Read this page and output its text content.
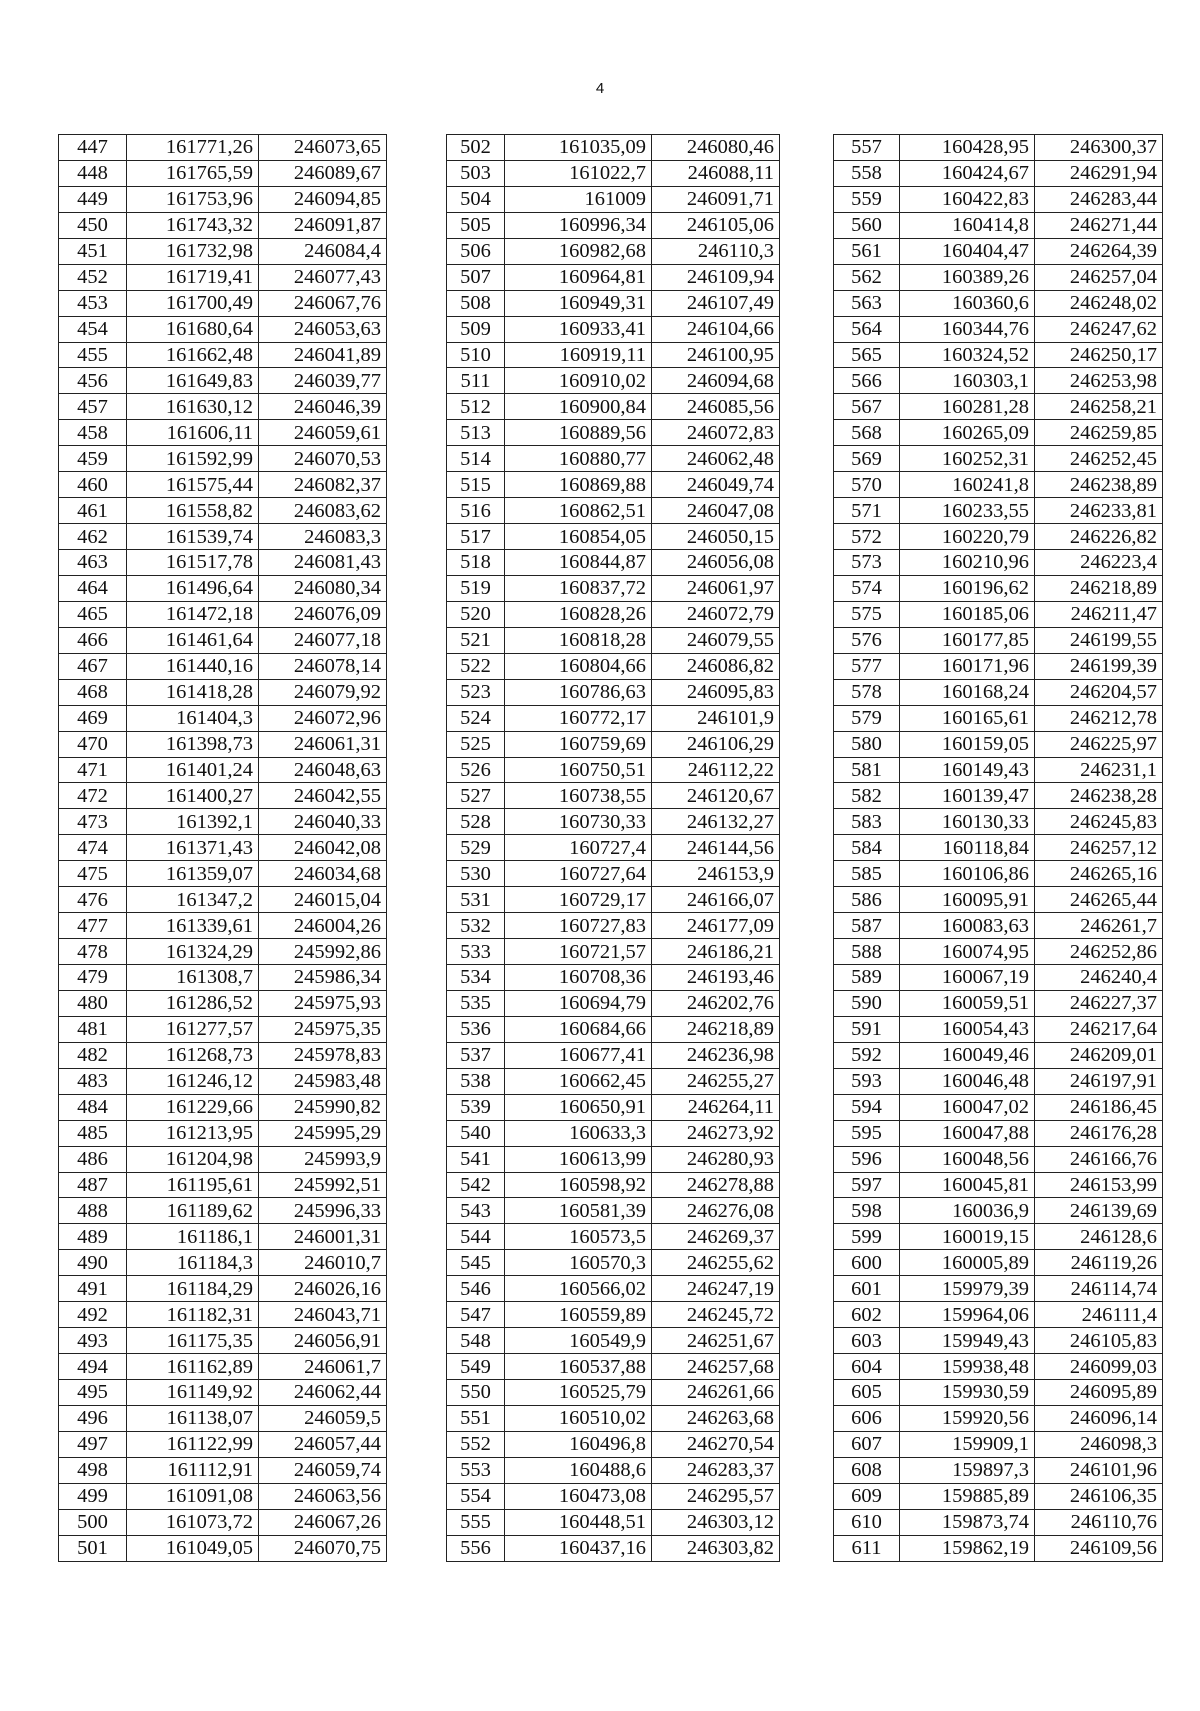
4
447	161771,26	246073,65
448	161765,59	246089,67
449	161753,96	246094,85
450	161743,32	246091,87
451	161732,98	246084,4
452	161719,41	246077,43
453	161700,49	246067,76
454	161680,64	246053,63
455	161662,48	246041,89
456	161649,83	246039,77
457	161630,12	246046,39
458	161606,11	246059,61
459	161592,99	246070,53
460	161575,44	246082,37
461	161558,82	246083,62
462	161539,74	246083,3
463	161517,78	246081,43
464	161496,64	246080,34
465	161472,18	246076,09
466	161461,64	246077,18
467	161440,16	246078,14
468	161418,28	246079,92
469	161404,3	246072,96
470	161398,73	246061,31
471	161401,24	246048,63
472	161400,27	246042,55
473	161392,1	246040,33
474	161371,43	246042,08
475	161359,07	246034,68
476	161347,2	246015,04
477	161339,61	246004,26
478	161324,29	245992,86
479	161308,7	245986,34
480	161286,52	245975,93
481	161277,57	245975,35
482	161268,73	245978,83
483	161246,12	245983,48
484	161229,66	245990,82
485	161213,95	245995,29
486	161204,98	245993,9
487	161195,61	245992,51
488	161189,62	245996,33
489	161186,1	246001,31
490	161184,3	246010,7
491	161184,29	246026,16
492	161182,31	246043,71
493	161175,35	246056,91
494	161162,89	246061,7
495	161149,92	246062,44
496	161138,07	246059,5
497	161122,99	246057,44
498	161112,91	246059,74
499	161091,08	246063,56
500	161073,72	246067,26
501	161049,05	246070,75
502	161035,09	246080,46
503	161022,7	246088,11
504	161009	246091,71
505	160996,34	246105,06
506	160982,68	246110,3
507	160964,81	246109,94
508	160949,31	246107,49
509	160933,41	246104,66
510	160919,11	246100,95
511	160910,02	246094,68
512	160900,84	246085,56
513	160889,56	246072,83
514	160880,77	246062,48
515	160869,88	246049,74
516	160862,51	246047,08
517	160854,05	246050,15
518	160844,87	246056,08
519	160837,72	246061,97
520	160828,26	246072,79
521	160818,28	246079,55
522	160804,66	246086,82
523	160786,63	246095,83
524	160772,17	246101,9
525	160759,69	246106,29
526	160750,51	246112,22
527	160738,55	246120,67
528	160730,33	246132,27
529	160727,4	246144,56
530	160727,64	246153,9
531	160729,17	246166,07
532	160727,83	246177,09
533	160721,57	246186,21
534	160708,36	246193,46
535	160694,79	246202,76
536	160684,66	246218,89
537	160677,41	246236,98
538	160662,45	246255,27
539	160650,91	246264,11
540	160633,3	246273,92
541	160613,99	246280,93
542	160598,92	246278,88
543	160581,39	246276,08
544	160573,5	246269,37
545	160570,3	246255,62
546	160566,02	246247,19
547	160559,89	246245,72
548	160549,9	246251,67
549	160537,88	246257,68
550	160525,79	246261,66
551	160510,02	246263,68
552	160496,8	246270,54
553	160488,6	246283,37
554	160473,08	246295,57
555	160448,51	246303,12
556	160437,16	246303,82
557	160428,95	246300,37
558	160424,67	246291,94
559	160422,83	246283,44
560	160414,8	246271,44
561	160404,47	246264,39
562	160389,26	246257,04
563	160360,6	246248,02
564	160344,76	246247,62
565	160324,52	246250,17
566	160303,1	246253,98
567	160281,28	246258,21
568	160265,09	246259,85
569	160252,31	246252,45
570	160241,8	246238,89
571	160233,55	246233,81
572	160220,79	246226,82
573	160210,96	246223,4
574	160196,62	246218,89
575	160185,06	246211,47
576	160177,85	246199,55
577	160171,96	246199,39
578	160168,24	246204,57
579	160165,61	246212,78
580	160159,05	246225,97
581	160149,43	246231,1
582	160139,47	246238,28
583	160130,33	246245,83
584	160118,84	246257,12
585	160106,86	246265,16
586	160095,91	246265,44
587	160083,63	246261,7
588	160074,95	246252,86
589	160067,19	246240,4
590	160059,51	246227,37
591	160054,43	246217,64
592	160049,46	246209,01
593	160046,48	246197,91
594	160047,02	246186,45
595	160047,88	246176,28
596	160048,56	246166,76
597	160045,81	246153,99
598	160036,9	246139,69
599	160019,15	246128,6
600	160005,89	246119,26
601	159979,39	246114,74
602	159964,06	246111,4
603	159949,43	246105,83
604	159938,48	246099,03
605	159930,59	246095,89
606	159920,56	246096,14
607	159909,1	246098,3
608	159897,3	246101,96
609	159885,89	246106,35
610	159873,74	246110,76
611	159862,19	246109,56
